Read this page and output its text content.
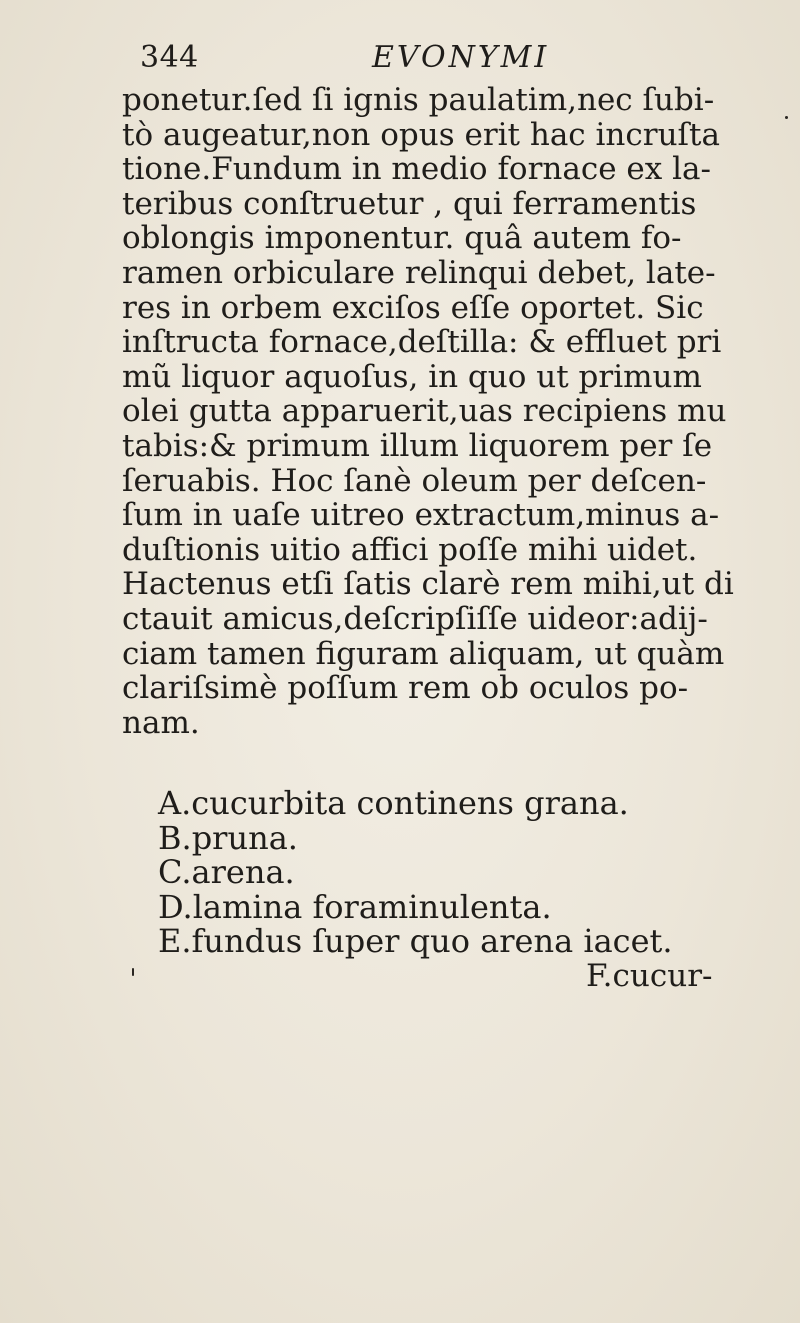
344	EVONYMI
ponetur.ſed ſi ignis paulatim,nec ſubi-
tò augeatur,non opus erit hac incruſta
tione.Fundum in medio fornace ex la-
teribus conſtruetur , qui ferramentis
oblongis imponentur. quâ autem fo-
ramen orbiculare relinqui debet, late-
res in orbem exciſos eſſe oportet. Sic
inſtructa fornace,deſtilla: & effluet pri
mũ liquor aquoſus, in quo ut primum
olei gutta apparuerit,uas recipiens mu
tabis:& primum illum liquorem per ſe
ſeruabis. Hoc ſanè oleum per deſcen-
ſum in uaſe uitreo extractum,minus a-
duſtionis uitio affici poſſe mihi uidet.
Hactenus etſi ſatis clarè rem mihi,ut di
ctauit amicus,deſcripſiſſe uideor:adij-
ciam tamen figuram aliquam, ut quàm
clariſsimè poſſum rem ob oculos po-
nam.
A.cucurbita continens grana.
B.pruna.
C.arena.
D.lamina foraminulenta.
E.fundus ſuper quo arena iacet.
F.cucur-
